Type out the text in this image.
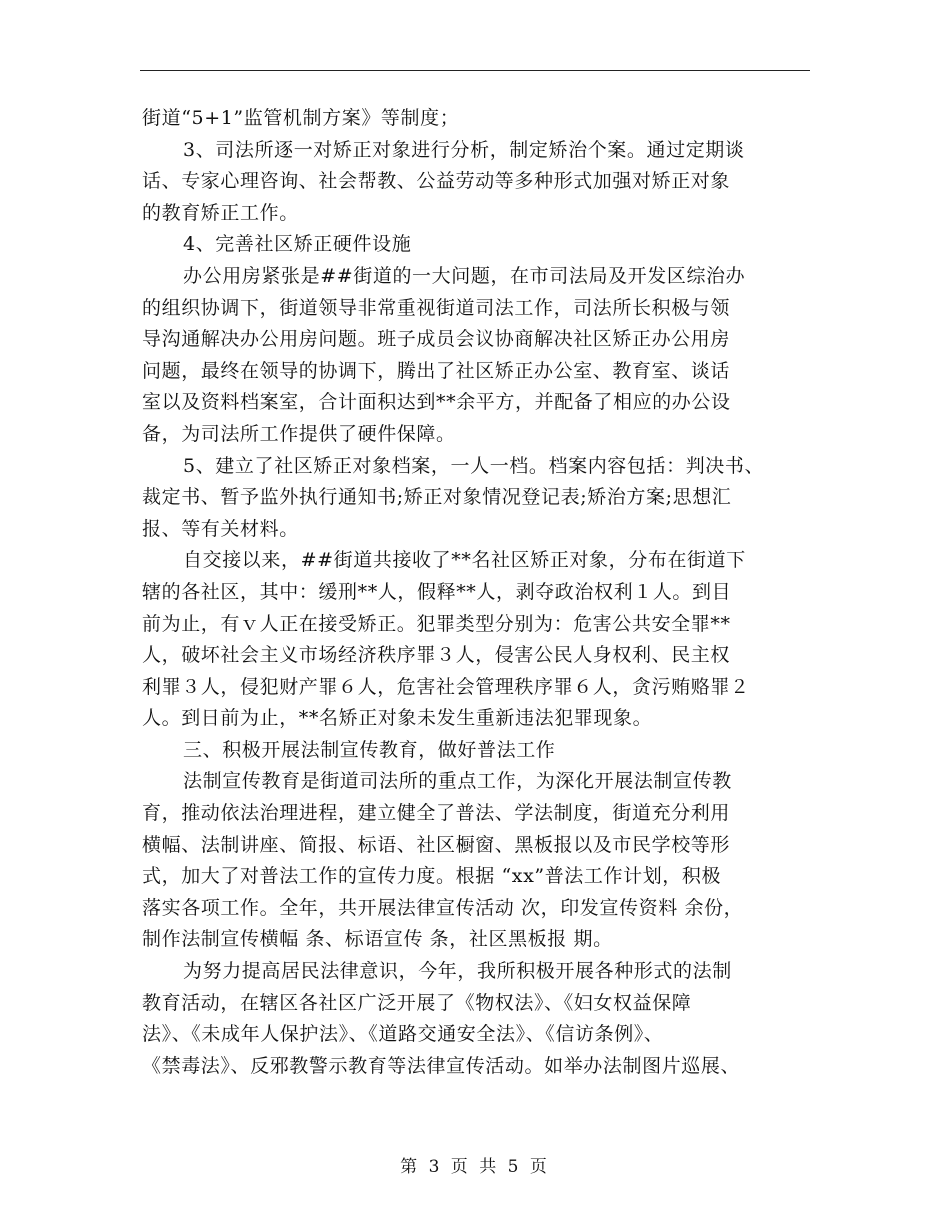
街道“5+1”监管机制方案》等制度；
3、司法所逐一对矫正对象进行分析，制定矫治个案。通过定期谈
话、专家心理咨询、社会帮教、公益劳动等多种形式加强对矫正对象
的教育矫正工作。
4、完善社区矫正硬件设施
办公用房紧张是##街道的一大问题，在市司法局及开发区综治办
的组织协调下，街道领导非常重视街道司法工作，司法所长积极与领
导沟通解决办公用房问题。班子成员会议协商解决社区矫正办公用房
问题，最终在领导的协调下，腾出了社区矫正办公室、教育室、谈话
室以及资料档案室，合计面积达到**余平方，并配备了相应的办公设
备，为司法所工作提供了硬件保障。
5、建立了社区矫正对象档案，一人一档。档案内容包括：判决书、
裁定书、暂予监外执行通知书;矫正对象情况登记表;矫治方案;思想汇
报、等有关材料。
自交接以来，##街道共接收了**名社区矫正对象，分布在街道下
辖的各社区，其中：缓刑**人，假释**人，剥夺政治权利１人。到目
前为止，有ｖ人正在接受矫正。犯罪类型分别为：危害公共安全罪**
人，破坏社会主义市场经济秩序罪３人，侵害公民人身权利、民主权
利罪３人，侵犯财产罪６人，危害社会管理秩序罪６人，贪污贿赂罪２
人。到日前为止，**名矫正对象未发生重新违法犯罪现象。
三、积极开展法制宣传教育，做好普法工作
法制宣传教育是街道司法所的重点工作，为深化开展法制宣传教
育，推动依法治理进程，建立健全了普法、学法制度，街道充分利用
横幅、法制讲座、简报、标语、社区橱窗、黑板报以及市民学校等形
式，加大了对普法工作的宣传力度。根据 “xx”普法工作计划，积极
落实各项工作。全年，共开展法律宣传活动 次，印发宣传资料 余份，
制作法制宣传横幅 条、标语宣传 条，社区黑板报 期。
为努力提高居民法律意识，今年，我所积极开展各种形式的法制
教育活动，在辖区各社区广泛开展了《物权法》、《妇女权益保障
法》、《未成年人保护法》、《道路交通安全法》、《信访条例》、
《禁毒法》、反邪教警示教育等法律宣传活动。如举办法制图片巡展、
第 3 页 共 5 页
